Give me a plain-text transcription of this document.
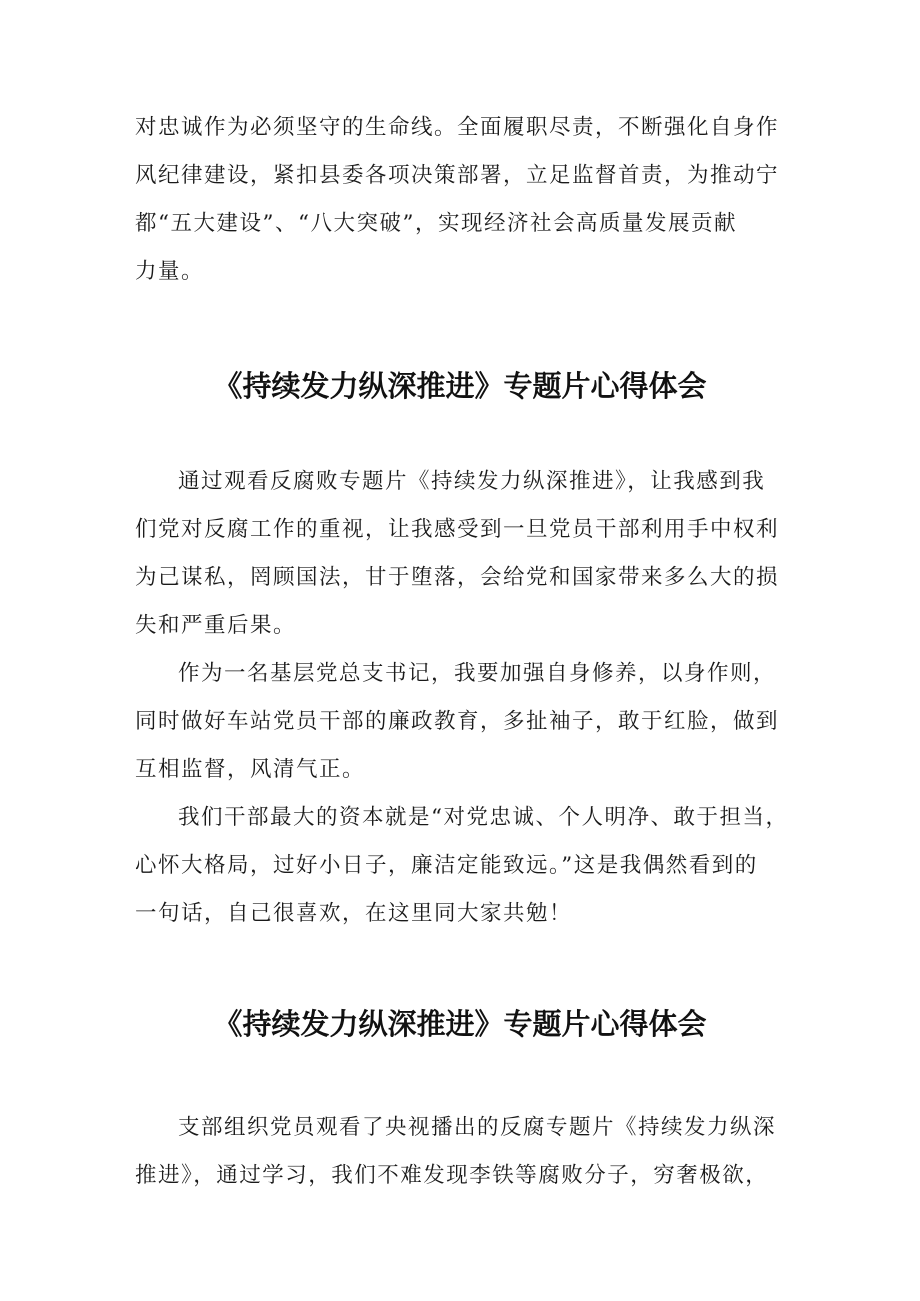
对忠诚作为必须坚守的生命线。全面履职尽责，不断强化自身作
风纪律建设，紧扣县委各项决策部署，立足监督首责，为推动宁
都“五大建设”、“八大突破”，实现经济社会高质量发展贡献
力量。

《持续发力纵深推进》专题片心得体会

通过观看反腐败专题片《持续发力纵深推进》，让我感到我
们党对反腐工作的重视，让我感受到一旦党员干部利用手中权利
为己谋私，罔顾国法，甘于堕落，会给党和国家带来多么大的损
失和严重后果。

作为一名基层党总支书记，我要加强自身修养，以身作则，
同时做好车站党员干部的廉政教育，多扯袖子，敢于红脸，做到
互相监督，风清气正。

我们干部最大的资本就是“对党忠诚、个人明净、敢于担当，
心怀大格局，过好小日子，廉洁定能致远。”这是我偶然看到的
一句话，自己很喜欢，在这里同大家共勉！

《持续发力纵深推进》专题片心得体会

支部组织党员观看了央视播出的反腐专题片《持续发力纵深
推进》，通过学习，我们不难发现李铁等腐败分子，穷奢极欲，
